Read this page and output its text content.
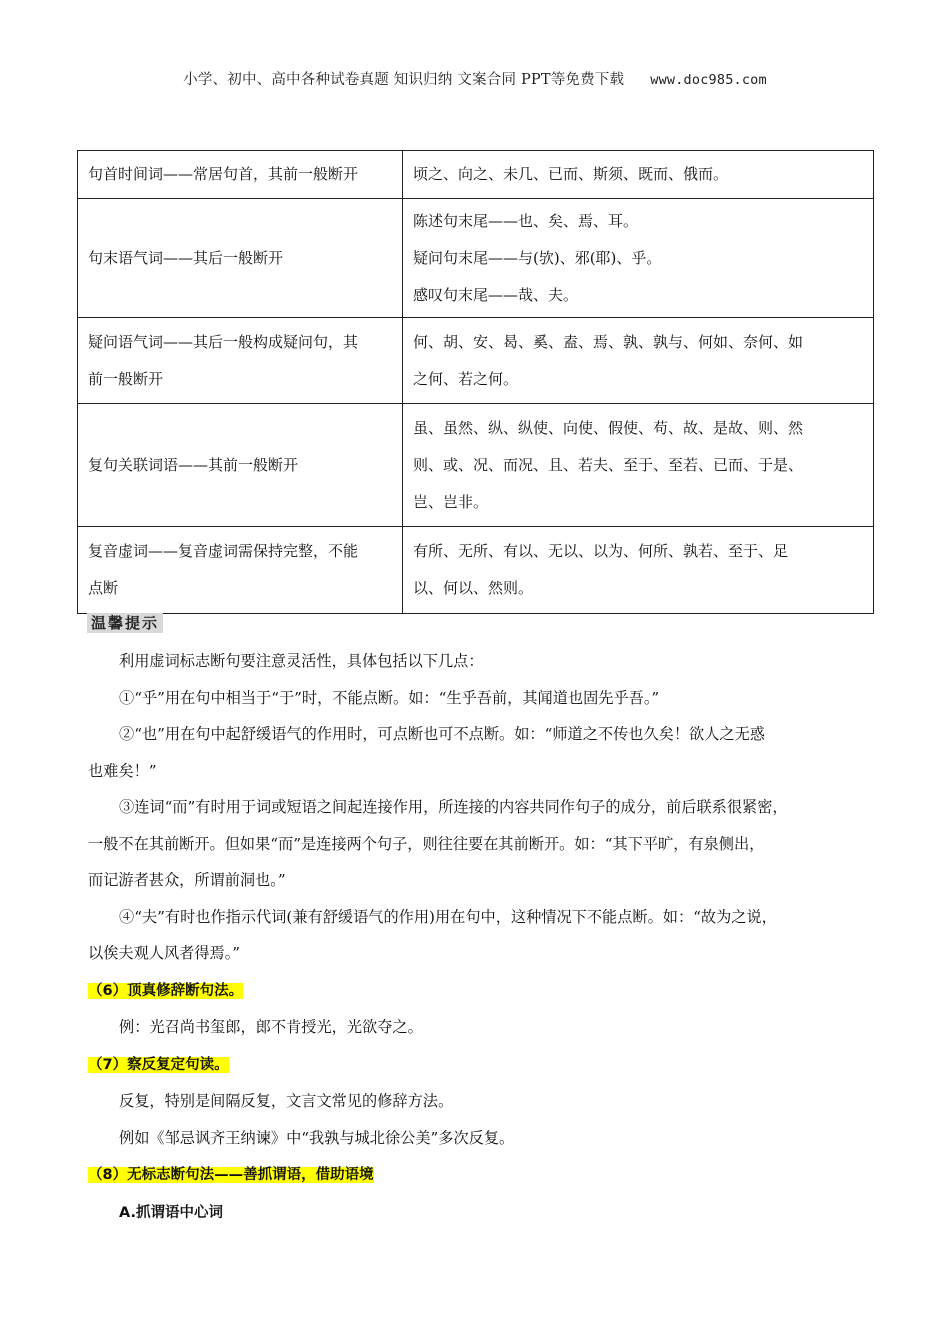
小学、初中、高中各种试卷真题 知识归纳 文案合同 PPT等免费下载 www.doc985.com
句首时间词——常居句首，其前一般断开	顷之、向之、未几、已而、斯须、既而、俄而。

句末语气词——其后一般断开	陈述句末尾——也、矣、焉、耳。
疑问句末尾——与(欤)、邪(耶)、乎。
感叹句末尾——哉、夫。

疑问语气词——其后一般构成疑问句，其
前一般断开	何、胡、安、曷、奚、盍、焉、孰、孰与、何如、奈何、如
之何、若之何。

复句关联词语——其前一般断开	虽、虽然、纵、纵使、向使、假使、苟、故、是故、则、然
则、或、况、而况、且、若夫、至于、至若、已而、于是、
岂、岂非。

复音虚词——复音虚词需保持完整，不能
点断	有所、无所、有以、无以、以为、何所、孰若、至于、足
以、何以、然则。
温馨提示

利用虚词标志断句要注意灵活性，具体包括以下几点：

①“乎”用在句中相当于“于”时，不能点断。如：“生乎吾前，其闻道也固先乎吾。”

②“也”用在句中起舒缓语气的作用时，可点断也可不点断。如：“师道之不传也久矣！欲人之无惑

也难矣！”

③连词“而”有时用于词或短语之间起连接作用，所连接的内容共同作句子的成分，前后联系很紧密，

一般不在其前断开。但如果“而”是连接两个句子，则往往要在其前断开。如：“其下平旷，有泉侧出，

而记游者甚众，所谓前洞也。”

④“夫”有时也作指示代词(兼有舒缓语气的作用)用在句中，这种情况下不能点断。如：“故为之说，

以俟夫观人风者得焉。”

（6）顶真修辞断句法。

例：光召尚书玺郎，郎不肯授光，光欲夺之。

（7）察反复定句读。

反复，特别是间隔反复，文言文常见的修辞方法。

例如《邹忌讽齐王纳谏》中“我孰与城北徐公美”多次反复。

（8）无标志断句法——善抓谓语，借助语境

A.抓谓语中心词
